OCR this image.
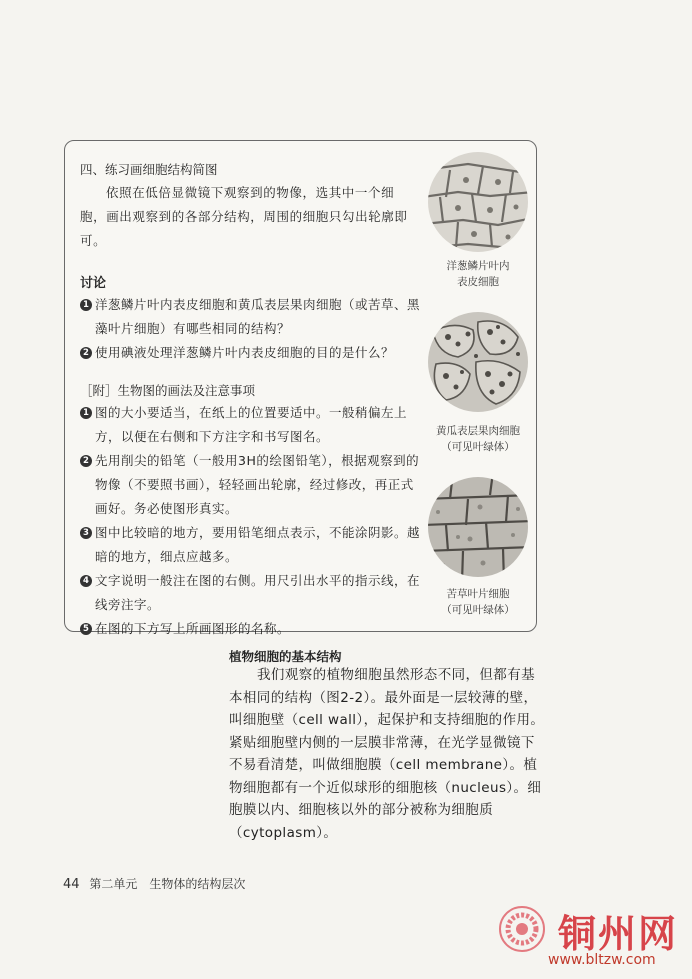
四、练习画细胞结构简图
依照在低倍显微镜下观察到的物像，选其中一个细胞，画出观察到的各部分结构，周围的细胞只勾出轮廓即可。
讨论
1 洋葱鳞片叶内表皮细胞和黄瓜表层果肉细胞（或苦草、黑藻叶片细胞）有哪些相同的结构？
2 使用碘液处理洋葱鳞片叶内表皮细胞的目的是什么？
［附］生物图的画法及注意事项
1 图的大小要适当，在纸上的位置要适中。一般稍偏左上方，以便在右侧和下方注字和书写图名。
2 先用削尖的铅笔（一般用3H的绘图铅笔），根据观察到的物像（不要照书画），轻轻画出轮廓，经过修改，再正式画好。务必使图形真实。
3 图中比较暗的地方，要用铅笔细点表示，不能涂阴影。越暗的地方，细点应越多。
4 文字说明一般注在图的右侧。用尺引出水平的指示线，在线旁注字。
5 在图的下方写上所画图形的名称。
洋葱鳞片叶内
表皮细胞
黄瓜表层果肉细胞
（可见叶绿体）
苦草叶片细胞
（可见叶绿体）
植物细胞的基本结构
我们观察的植物细胞虽然形态不同，但都有基本相同的结构（图2-2）。最外面是一层较薄的壁，叫细胞壁（cell wall），起保护和支持细胞的作用。紧贴细胞壁内侧的一层膜非常薄，在光学显微镜下不易看清楚，叫做细胞膜（cell membrane）。植物细胞都有一个近似球形的细胞核（nucleus）。细胞膜以内、细胞核以外的部分被称为细胞质（cytoplasm）。
44 第二单元　生物体的结构层次
铜州网
www.bltzw.com
